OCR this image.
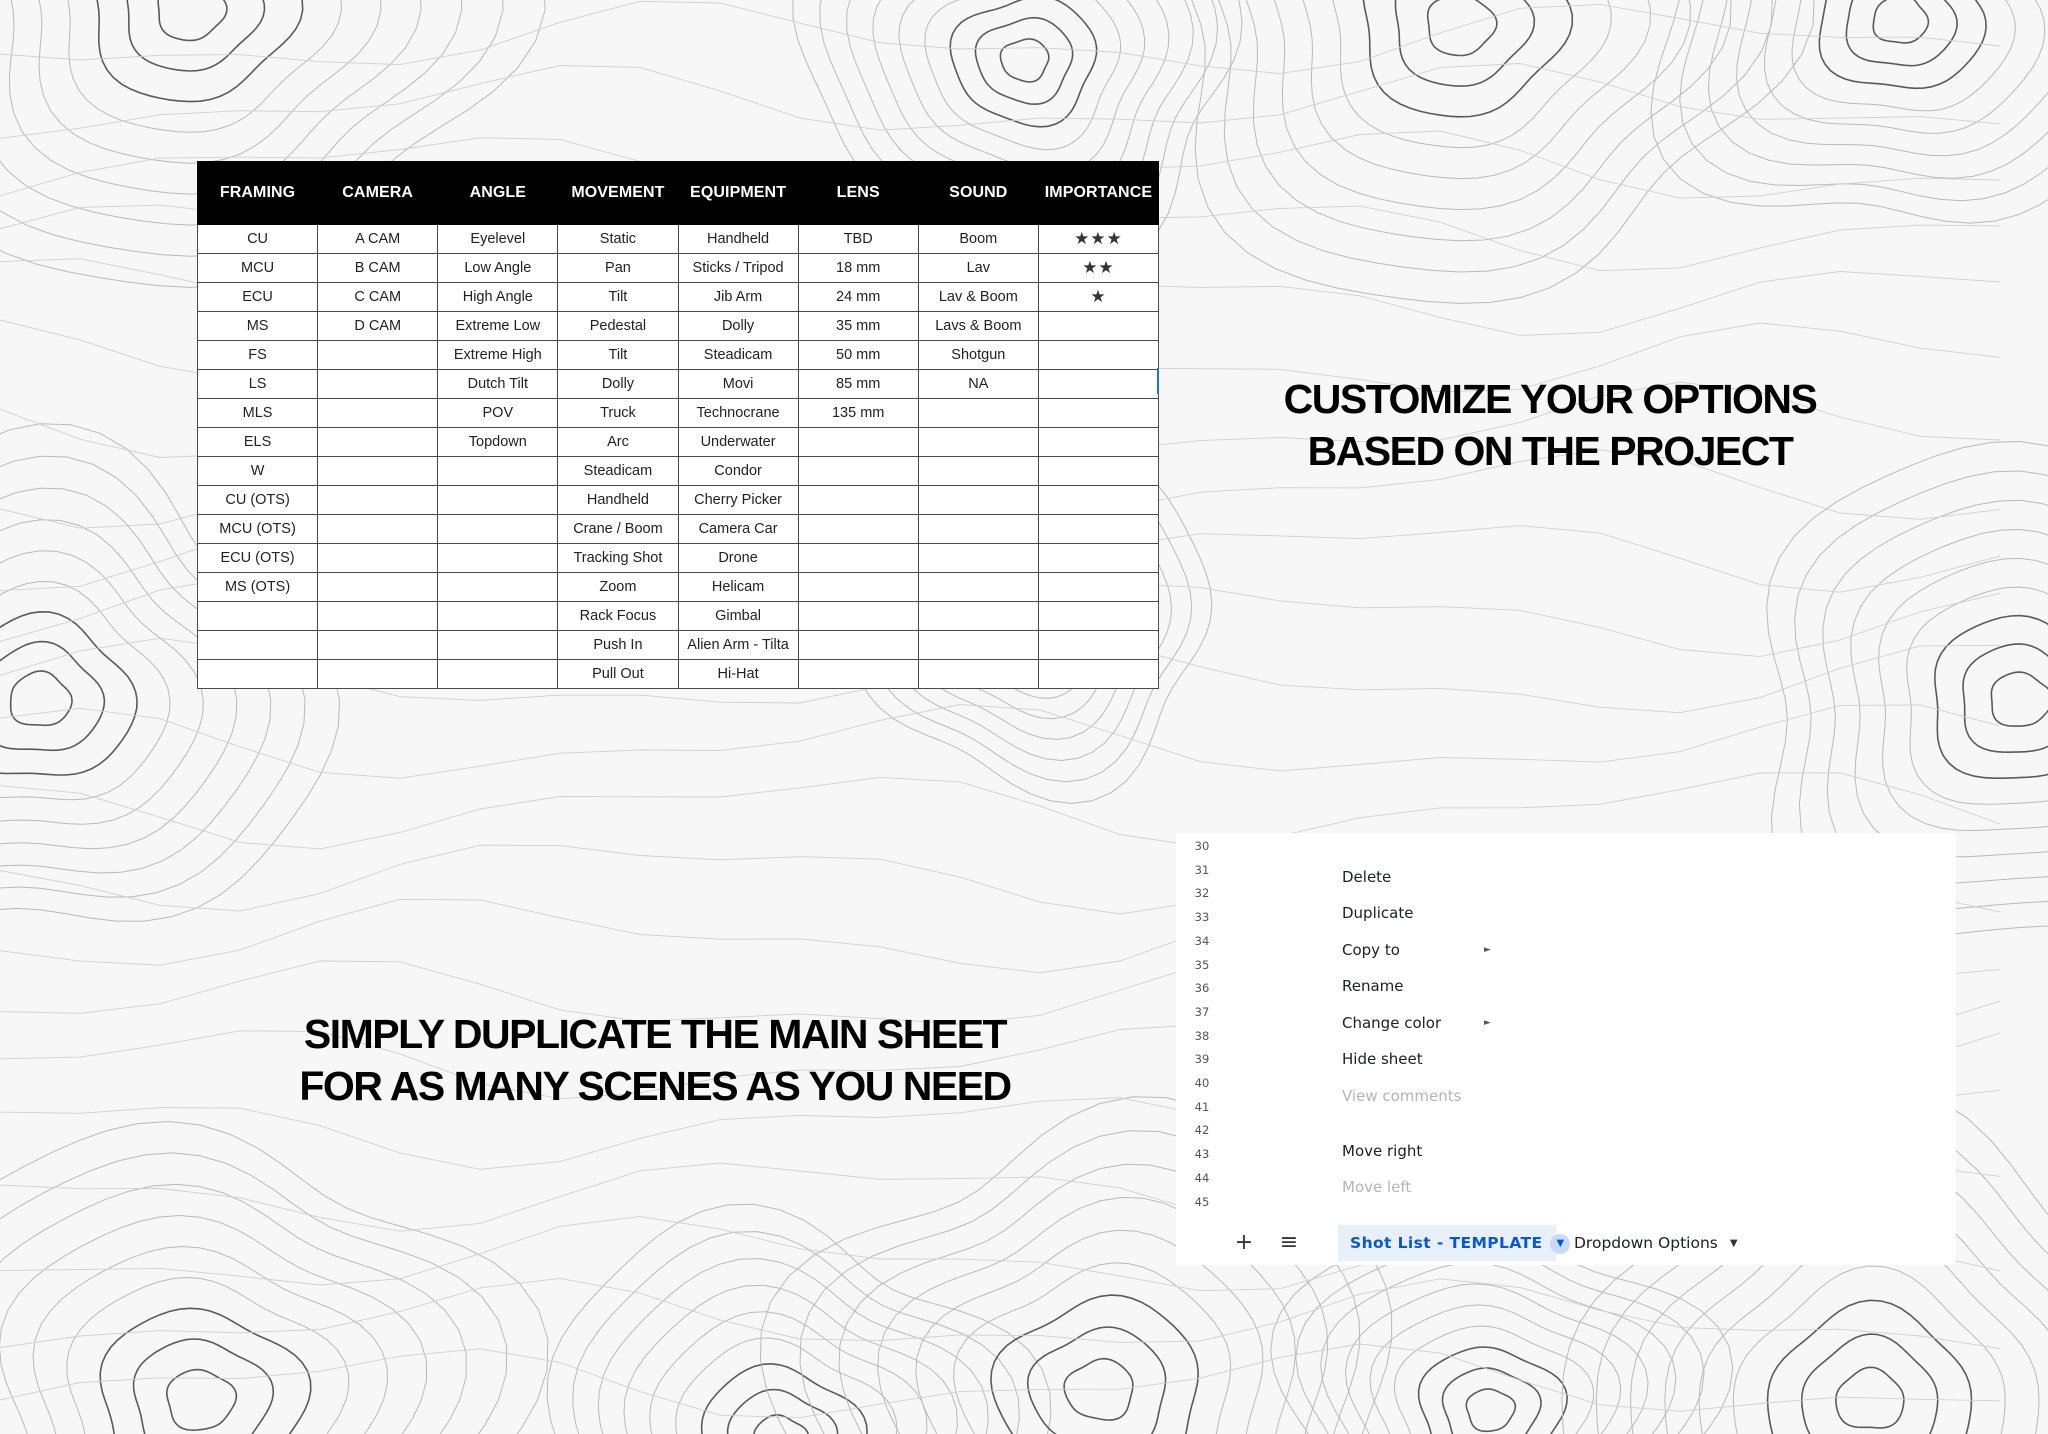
FRAMING	CAMERA	ANGLE	MOVEMENT	EQUIPMENT	LENS	SOUND	IMPORTANCE
CU	A CAM	Eyelevel	Static	Handheld	TBD	Boom	★★★
MCU	B CAM	Low Angle	Pan	Sticks / Tripod	18 mm	Lav	★★
ECU	C CAM	High Angle	Tilt	Jib Arm	24 mm	Lav & Boom	★
MS	D CAM	Extreme Low	Pedestal	Dolly	35 mm	Lavs & Boom	
FS		Extreme High	Tilt	Steadicam	50 mm	Shotgun	
LS		Dutch Tilt	Dolly	Movi	85 mm	NA	
MLS		POV	Truck	Technocrane	135 mm		
ELS		Topdown	Arc	Underwater			
W			Steadicam	Condor			
CU (OTS)			Handheld	Cherry Picker			
MCU (OTS)			Crane / Boom	Camera Car			
ECU (OTS)			Tracking Shot	Drone			
MS (OTS)			Zoom	Helicam			
			Rack Focus	Gimbal			
			Push In	Alien Arm - Tilta			
			Pull Out	Hi-Hat			
CUSTOMIZE YOUR OPTIONS
BASED ON THE PROJECT
SIMPLY DUPLICATE THE MAIN SHEET
FOR AS MANY SCENES AS YOU NEED
30
31
32
33
34
35
36
37
38
39
40
41
42
43
44
45
Delete
Duplicate
Copy to	►
Rename
Change color	►
Hide sheet
View comments
Move right
Move left
+ ≡	Shot List - TEMPLATE ▼ Dropdown Options ▼
